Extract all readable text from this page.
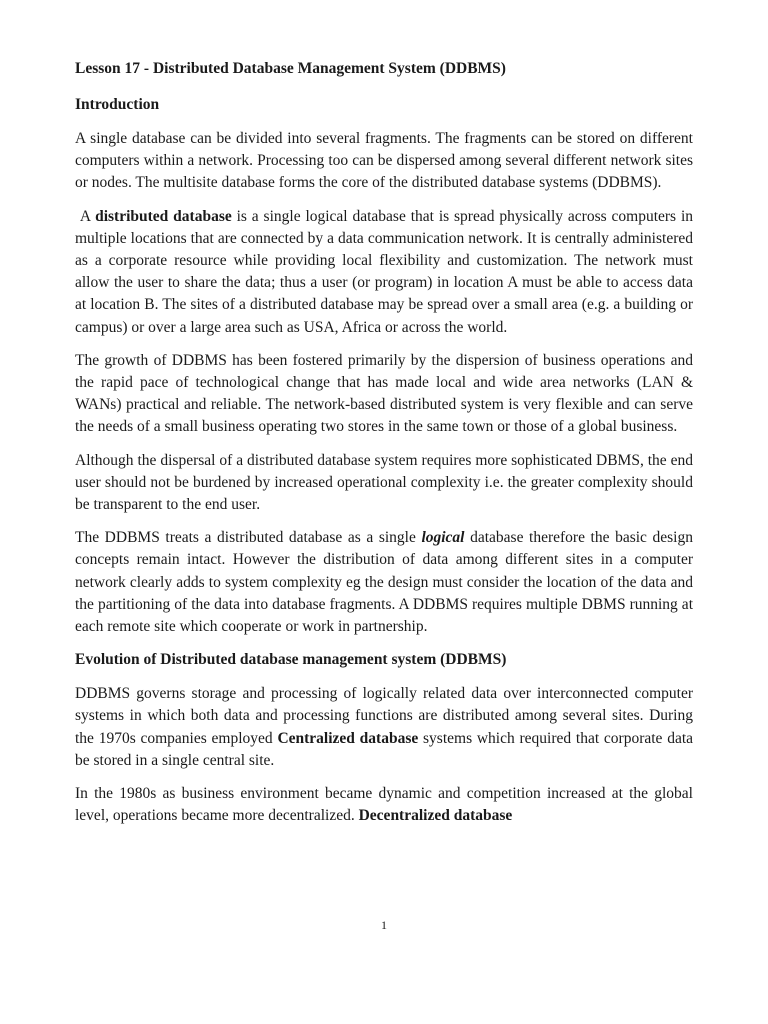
Lesson 17 - Distributed Database Management System (DDBMS)
Introduction

A single database can be divided into several fragments. The fragments can be stored on different computers within a network. Processing too can be dispersed among several different network sites or nodes. The multisite database forms the core of the distributed database systems (DDBMS).

A distributed database is a single logical database that is spread physically across computers in multiple locations that are connected by a data communication network. It is centrally administered as a corporate resource while providing local flexibility and customization. The network must allow the user to share the data; thus a user (or program) in location A must be able to access data at location B. The sites of a distributed database may be spread over a small area (e.g. a building or campus) or over a large area such as USA, Africa or across the world.

The growth of DDBMS has been fostered primarily by the dispersion of business operations and the rapid pace of technological change that has made local and wide area networks (LAN & WANs) practical and reliable. The network-based distributed system is very flexible and can serve the needs of a small business operating two stores in the same town or those of a global business.

Although the dispersal of a distributed database system requires more sophisticated DBMS, the end user should not be burdened by increased operational complexity i.e. the greater complexity should be transparent to the end user.

The DDBMS treats a distributed database as a single logical database therefore the basic design concepts remain intact. However the distribution of data among different sites in a computer network clearly adds to system complexity eg the design must consider the location of the data and the partitioning of the data into database fragments. A DDBMS requires multiple DBMS running at each remote site which cooperate or work in partnership.

Evolution of Distributed database management system (DDBMS)

DDBMS governs storage and processing of logically related data over interconnected computer systems in which both data and processing functions are distributed among several sites. During the 1970s companies employed Centralized database systems which required that corporate data be stored in a single central site.

In the 1980s as business environment became dynamic and competition increased at the global level, operations became more decentralized. Decentralized database

1
